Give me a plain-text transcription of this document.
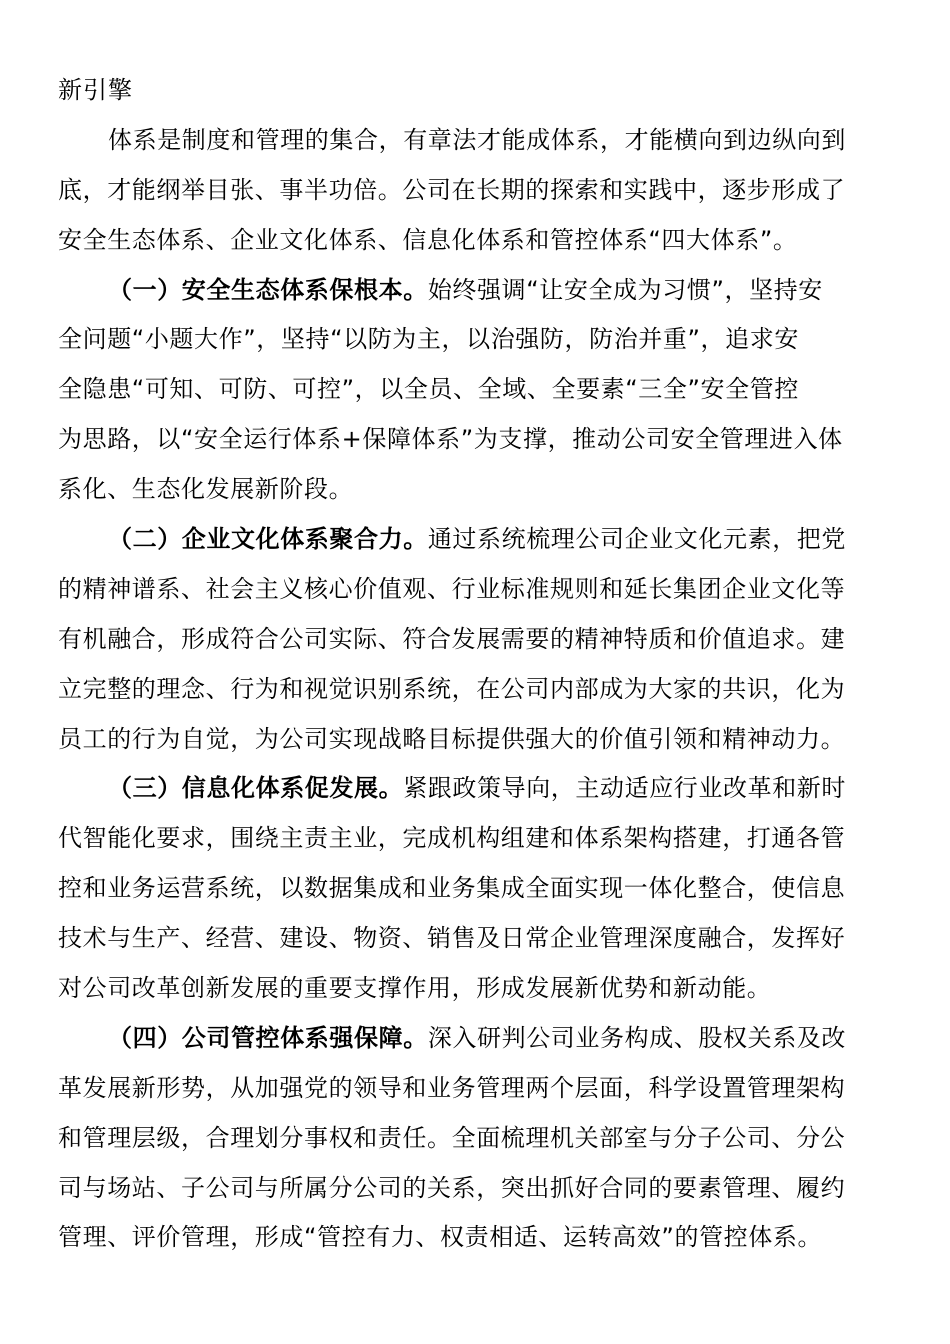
新引擎
体系是制度和管理的集合，有章法才能成体系，才能横向到边纵向到
底，才能纲举目张、事半功倍。公司在长期的探索和实践中，逐步形成了
安全生态体系、企业文化体系、信息化体系和管控体系“四大体系”。
（一）安全生态体系保根本。始终强调“让安全成为习惯”，坚持安
全问题“小题大作”，坚持“以防为主，以治强防，防治并重”，追求安
全隐患“可知、可防、可控”，以全员、全域、全要素“三全”安全管控
为思路，以“安全运行体系+保障体系”为支撑，推动公司安全管理进入体
系化、生态化发展新阶段。
（二）企业文化体系聚合力。通过系统梳理公司企业文化元素，把党
的精神谱系、社会主义核心价值观、行业标准规则和延长集团企业文化等
有机融合，形成符合公司实际、符合发展需要的精神特质和价值追求。建
立完整的理念、行为和视觉识别系统，在公司内部成为大家的共识，化为
员工的行为自觉，为公司实现战略目标提供强大的价值引领和精神动力。
（三）信息化体系促发展。紧跟政策导向，主动适应行业改革和新时
代智能化要求，围绕主责主业，完成机构组建和体系架构搭建，打通各管
控和业务运营系统，以数据集成和业务集成全面实现一体化整合，使信息
技术与生产、经营、建设、物资、销售及日常企业管理深度融合，发挥好
对公司改革创新发展的重要支撑作用，形成发展新优势和新动能。
（四）公司管控体系强保障。深入研判公司业务构成、股权关系及改
革发展新形势，从加强党的领导和业务管理两个层面，科学设置管理架构
和管理层级，合理划分事权和责任。全面梳理机关部室与分子公司、分公
司与场站、子公司与所属分公司的关系，突出抓好合同的要素管理、履约
管理、评价管理，形成“管控有力、权责相适、运转高效”的管控体系。
